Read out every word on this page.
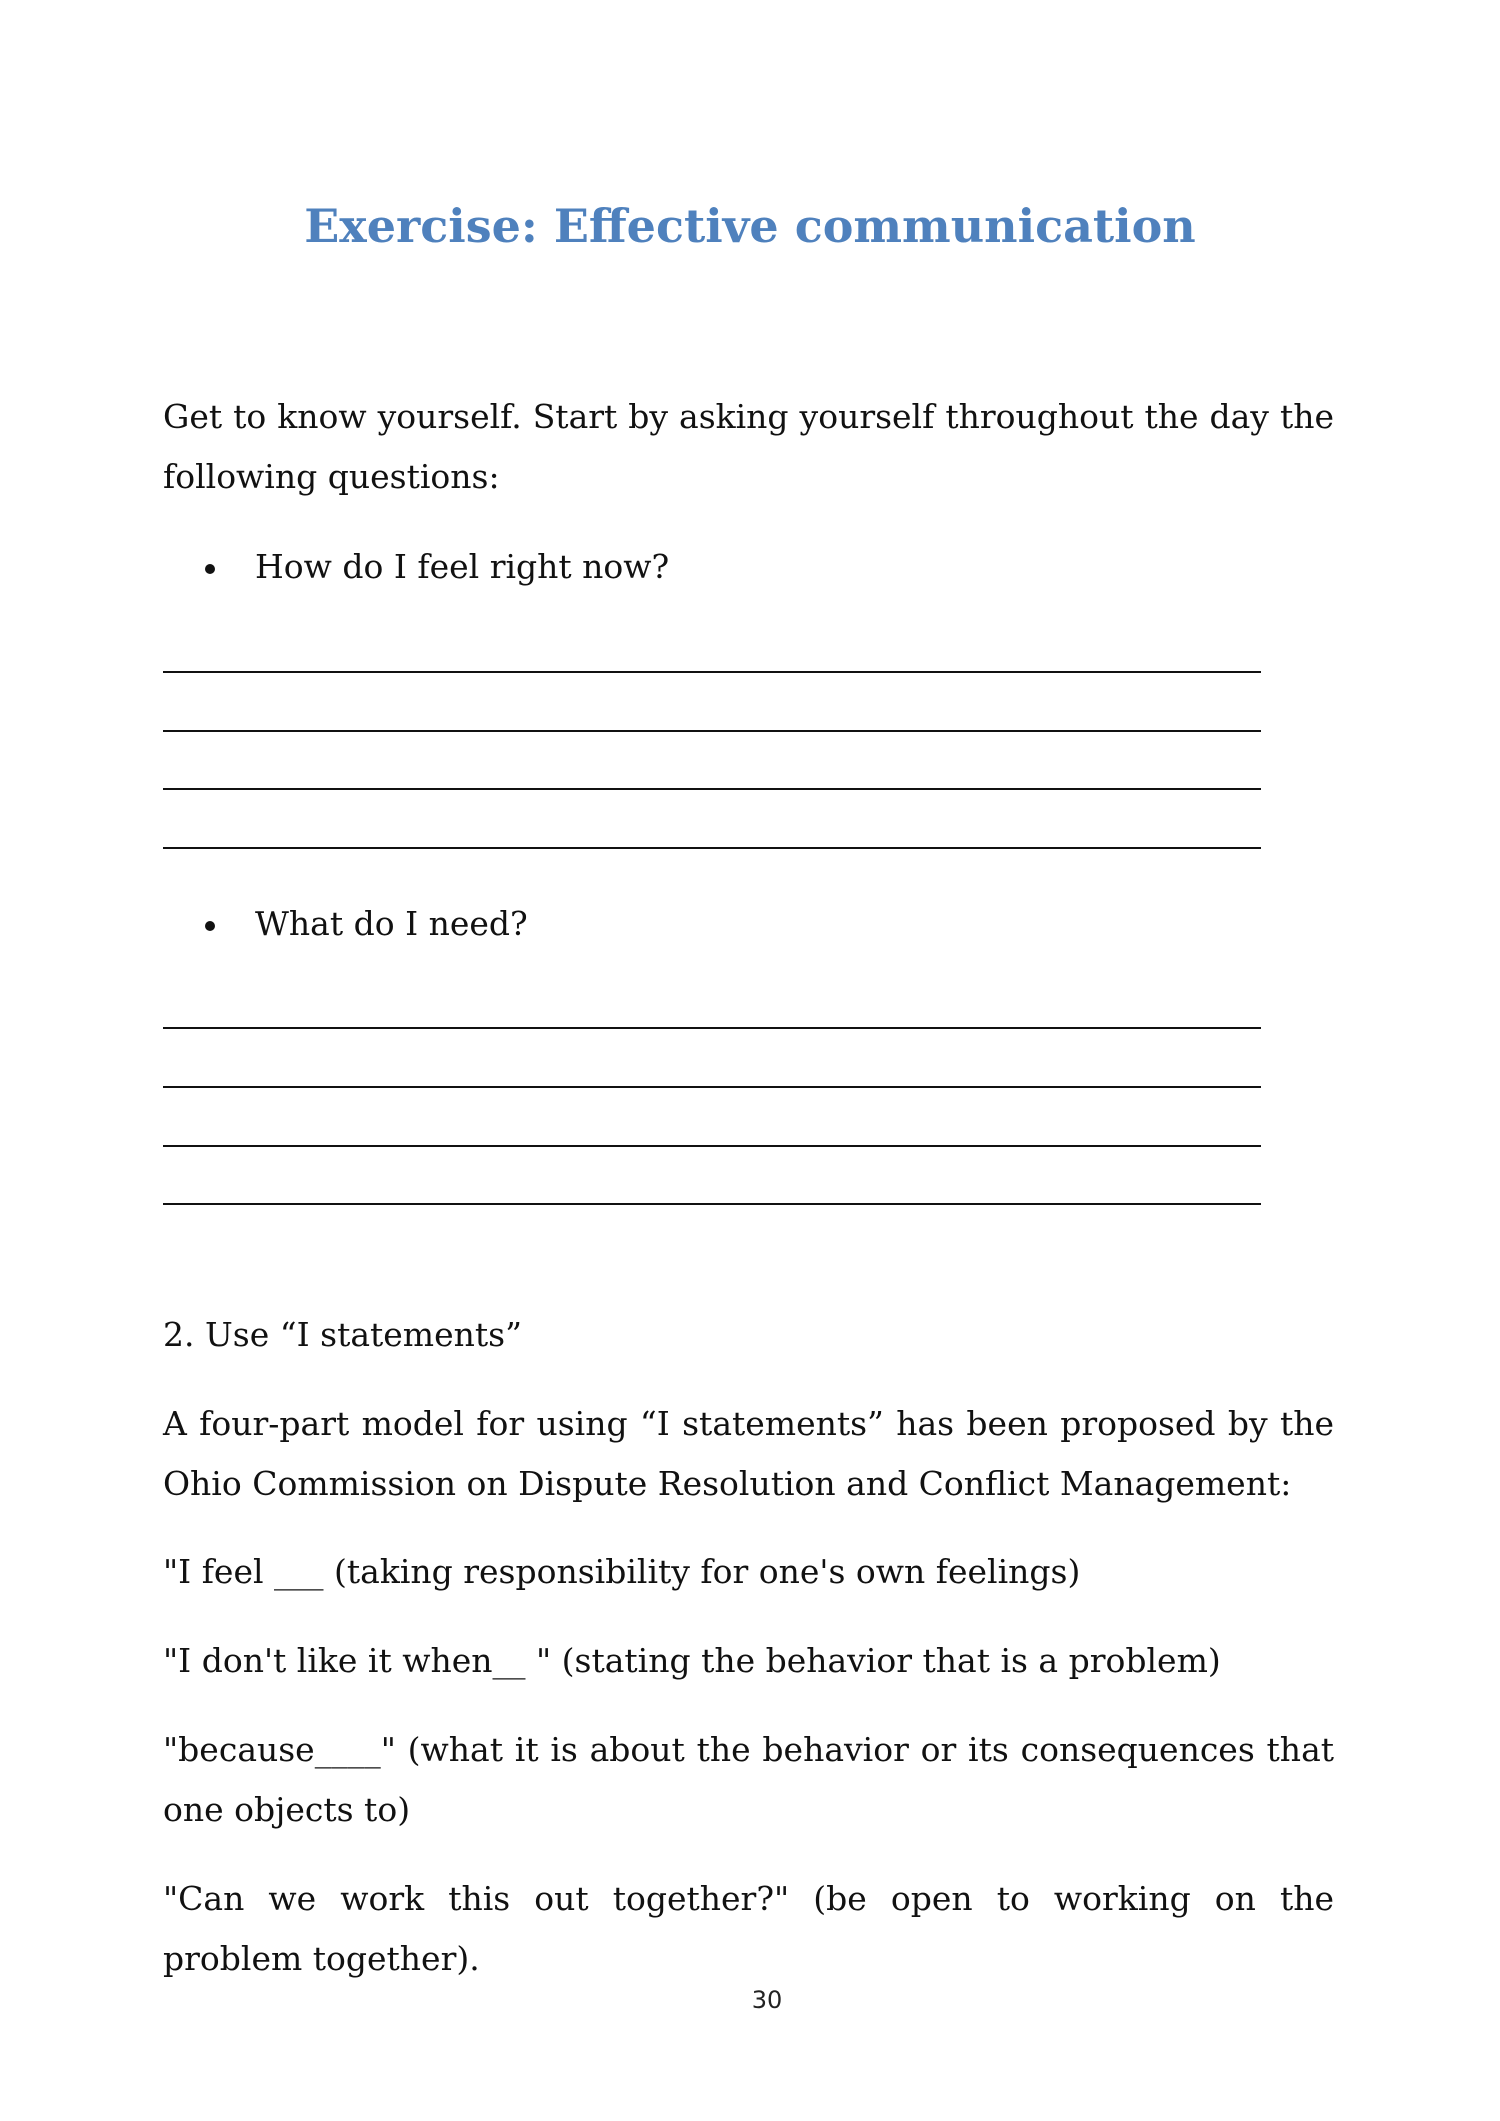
Exercise: Effective communication

Get to know yourself. Start by asking yourself throughout the day the following questions:

How do I feel right now?
What do I need?

2. Use “I statements”

A four-part model for using “I statements” has been proposed by the Ohio Commission on Dispute Resolution and Conflict Management:

"I feel ___ (taking responsibility for one's own feelings)

"I don't like it when__ " (stating the behavior that is a problem)

"because____" (what it is about the behavior or its consequences that one objects to)

"Can we work this out together?" (be open to working on the problem together).

30
